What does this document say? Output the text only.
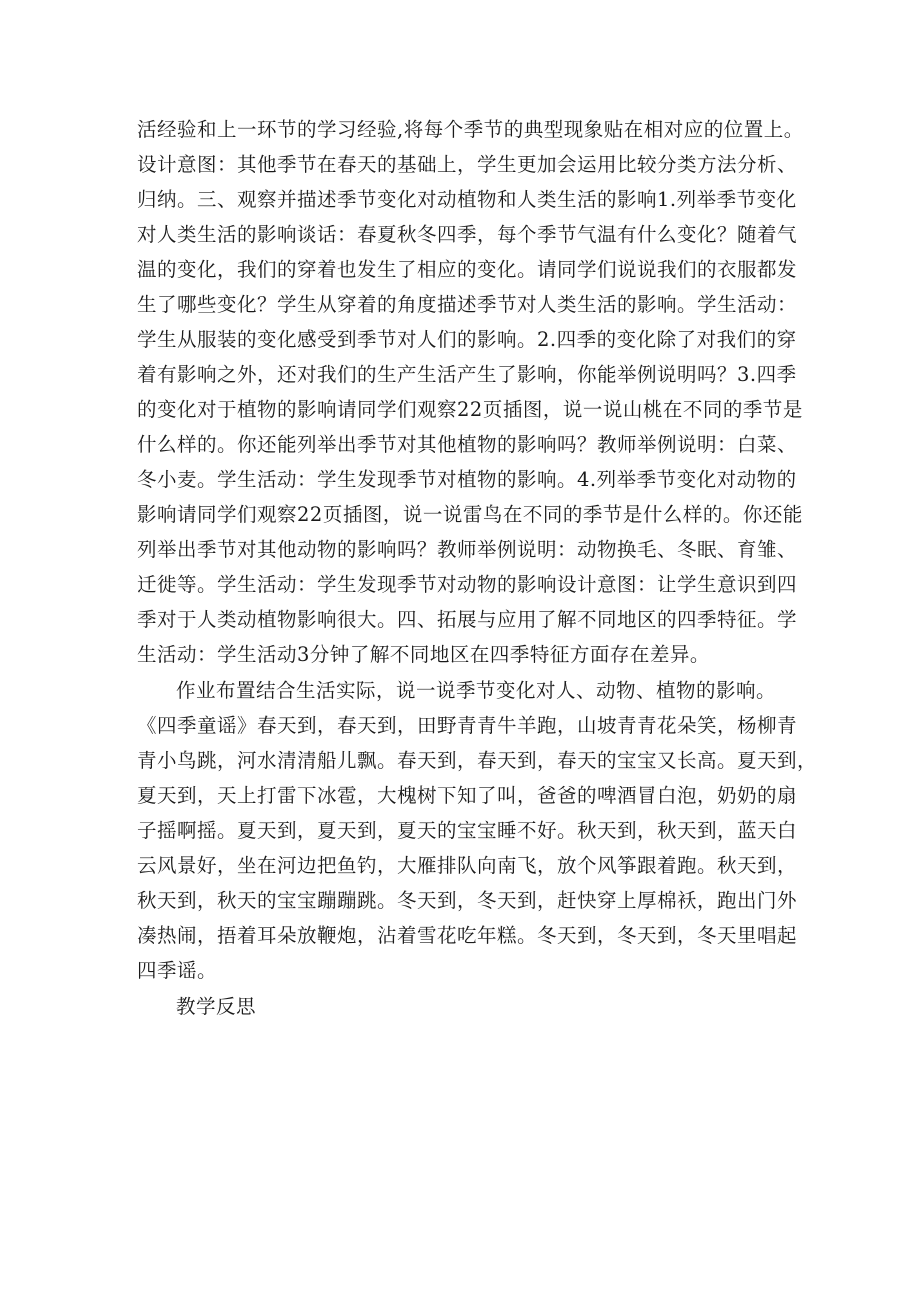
活经验和上一环节的学习经验,将每个季节的典型现象贴在相对应的位置上。
设计意图：其他季节在春天的基础上，学生更加会运用比较分类方法分析、
归纳。三、观察并描述季节变化对动植物和人类生活的影响1.列举季节变化
对人类生活的影响谈话：春夏秋冬四季，每个季节气温有什么变化？随着气
温的变化，我们的穿着也发生了相应的变化。请同学们说说我们的衣服都发
生了哪些变化？学生从穿着的角度描述季节对人类生活的影响。学生活动：
学生从服装的变化感受到季节对人们的影响。2.四季的变化除了对我们的穿
着有影响之外，还对我们的生产生活产生了影响，你能举例说明吗？3.四季
的变化对于植物的影响请同学们观察22页插图，说一说山桃在不同的季节是
什么样的。你还能列举出季节对其他植物的影响吗？教师举例说明：白菜、
冬小麦。学生活动：学生发现季节对植物的影响。4.列举季节变化对动物的
影响请同学们观察22页插图，说一说雷鸟在不同的季节是什么样的。你还能
列举出季节对其他动物的影响吗？教师举例说明：动物换毛、冬眠、育雏、
迁徙等。学生活动：学生发现季节对动物的影响设计意图：让学生意识到四
季对于人类动植物影响很大。四、拓展与应用了解不同地区的四季特征。学
生活动：学生活动3分钟了解不同地区在四季特征方面存在差异。
作业布置结合生活实际，说一说季节变化对人、动物、植物的影响。
《四季童谣》春天到，春天到，田野青青牛羊跑，山坡青青花朵笑，杨柳青
青小鸟跳，河水清清船儿飘。春天到，春天到，春天的宝宝又长高。夏天到，
夏天到，天上打雷下冰雹，大槐树下知了叫，爸爸的啤酒冒白泡，奶奶的扇
子摇啊摇。夏天到，夏天到，夏天的宝宝睡不好。秋天到，秋天到，蓝天白
云风景好，坐在河边把鱼钓，大雁排队向南飞，放个风筝跟着跑。秋天到，
秋天到，秋天的宝宝蹦蹦跳。冬天到，冬天到，赶快穿上厚棉袄，跑出门外
凑热闹，捂着耳朵放鞭炮，沾着雪花吃年糕。冬天到，冬天到，冬天里唱起
四季谣。
教学反思
